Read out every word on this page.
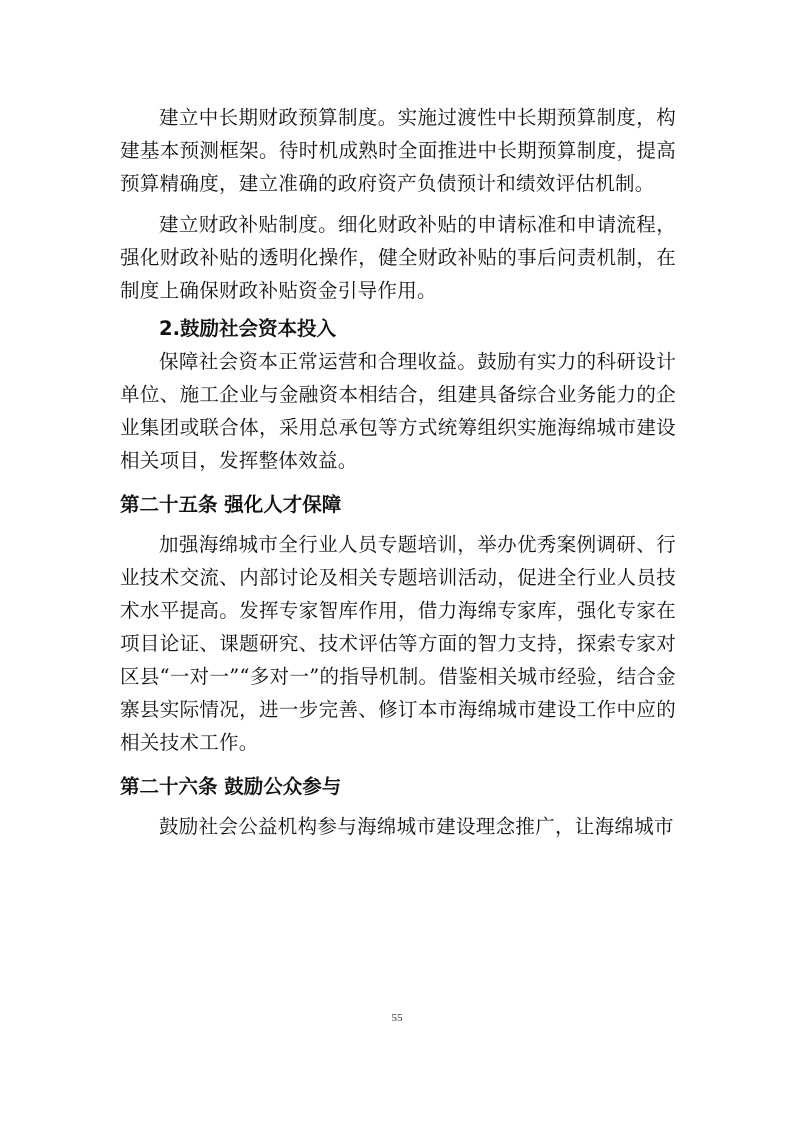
建立中长期财政预算制度。实施过渡性中长期预算制度，构建基本预测框架。待时机成熟时全面推进中长期预算制度，提高预算精确度，建立准确的政府资产负债预计和绩效评估机制。

建立财政补贴制度。细化财政补贴的申请标准和申请流程，强化财政补贴的透明化操作，健全财政补贴的事后问责机制，在制度上确保财政补贴资金引导作用。

2.鼓励社会资本投入

保障社会资本正常运营和合理收益。鼓励有实力的科研设计单位、施工企业与金融资本相结合，组建具备综合业务能力的企业集团或联合体，采用总承包等方式统筹组织实施海绵城市建设相关项目，发挥整体效益。

第二十五条 强化人才保障

加强海绵城市全行业人员专题培训，举办优秀案例调研、行业技术交流、内部讨论及相关专题培训活动，促进全行业人员技术水平提高。发挥专家智库作用，借力海绵专家库，强化专家在项目论证、课题研究、技术评估等方面的智力支持，探索专家对区县“一对一”“多对一”的指导机制。借鉴相关城市经验，结合金寨县实际情况，进一步完善、修订本市海绵城市建设工作中应的相关技术工作。

第二十六条 鼓励公众参与

鼓励社会公益机构参与海绵城市建设理念推广，让海绵城市

55
